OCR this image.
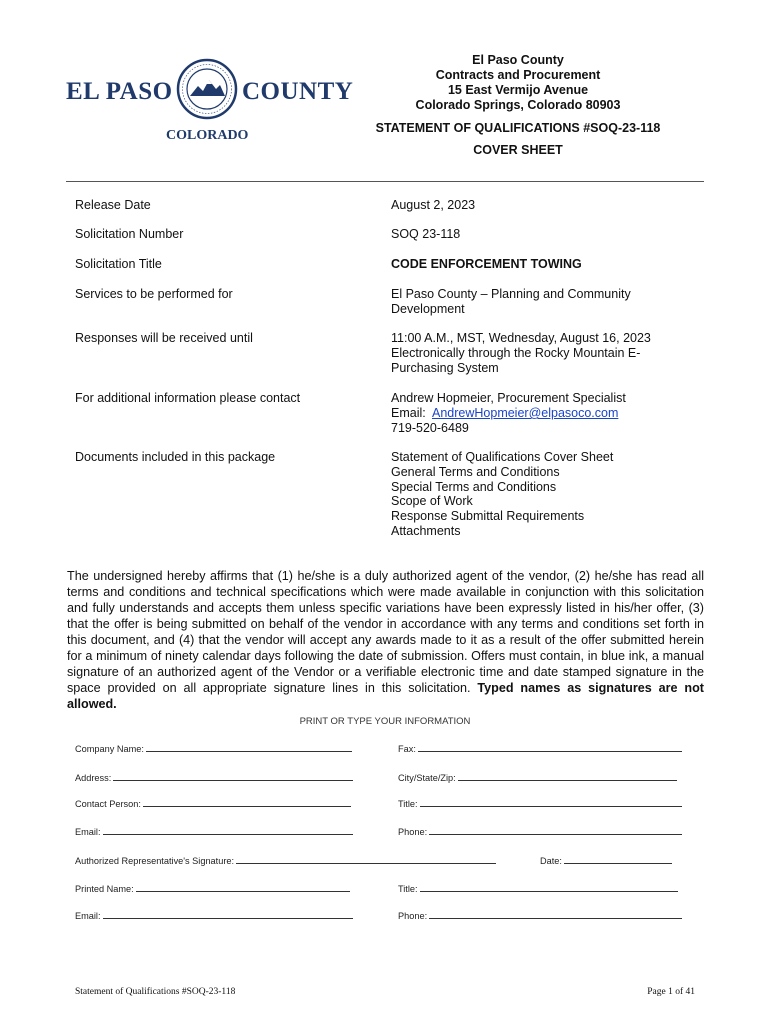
EL PASO	COUNTY
COLORADO
El Paso County
Contracts and Procurement
15 East Vermijo Avenue
Colorado Springs, Colorado 80903
STATEMENT OF QUALIFICATIONS #SOQ-23-118
COVER SHEET
Release Date	August 2, 2023
Solicitation Number	SOQ 23-118
Solicitation Title	CODE ENFORCEMENT TOWING
Services to be performed for	El Paso County – Planning and Community
Development
Responses will be received until	11:00 A.M., MST, Wednesday, August 16, 2023
Electronically through the Rocky Mountain E-
Purchasing System
For additional information please contact	Andrew Hopmeier, Procurement Specialist
Email: AndrewHopmeier@elpasoco.com
719-520-6489
Documents included in this package	Statement of Qualifications Cover Sheet
General Terms and Conditions
Special Terms and Conditions
Scope of Work
Response Submittal Requirements
Attachments
The undersigned hereby affirms that (1) he/she is a duly authorized agent of the vendor, (2) he/she has read all terms and conditions and technical specifications which were made available in conjunction with this solicitation and fully understands and accepts them unless specific variations have been expressly listed in his/her offer, (3) that the offer is being submitted on behalf of the vendor in accordance with any terms and conditions set forth in this document, and (4) that the vendor will accept any awards made to it as a result of the offer submitted herein for a minimum of ninety calendar days following the date of submission. Offers must contain, in blue ink, a manual signature of an authorized agent of the Vendor or a verifiable electronic time and date stamped signature in the space provided on all appropriate signature lines in this solicitation. Typed names as signatures are not allowed.
PRINT OR TYPE YOUR INFORMATION
Company Name:	Fax:
Address:	City/State/Zip:
Contact Person:	Title:
Email:	Phone:
Authorized Representative's Signature:	Date:
Printed Name:	Title:
Email:	Phone:
Statement of Qualifications #SOQ-23-118	Page 1 of 41
